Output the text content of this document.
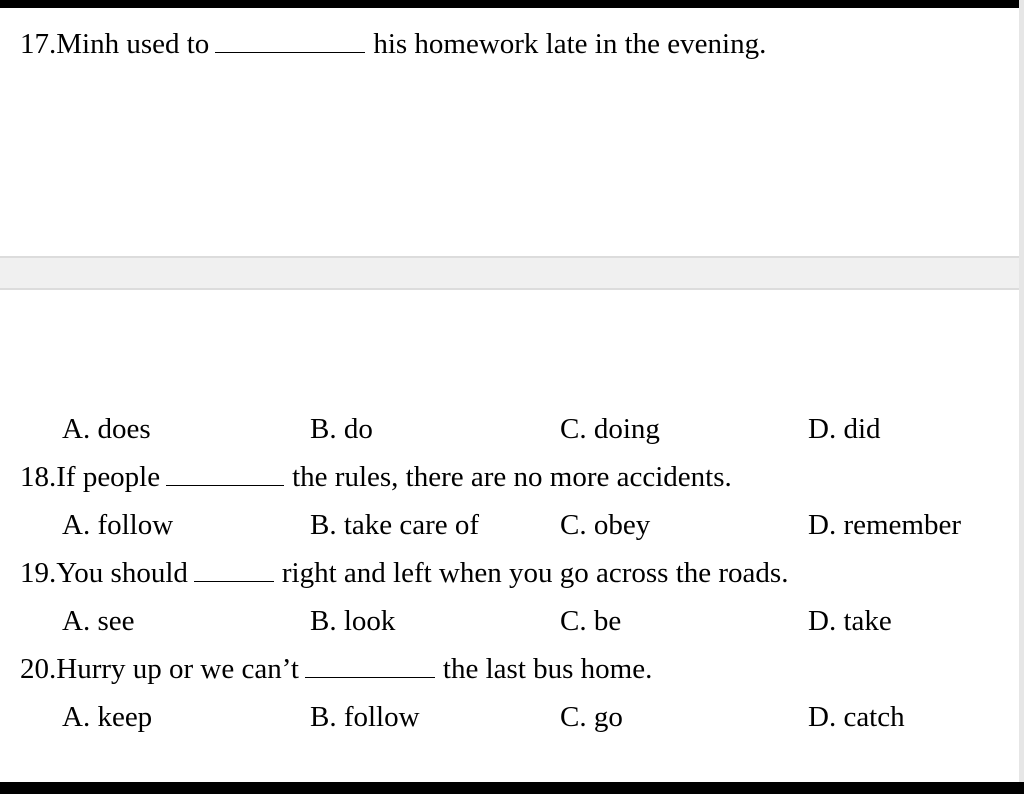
17.Minh used to	his homework late in the evening.
A. does	B. do	C. doing	D. did
18.If people	the rules, there are no more accidents.
A. follow	B. take care of	C. obey	D. remember
19.You should	right and left when you go across the roads.
A. see	B. look	C. be	D. take
20.Hurry up or we can’t	the last bus home.
A. keep	B. follow	C. go	D. catch
